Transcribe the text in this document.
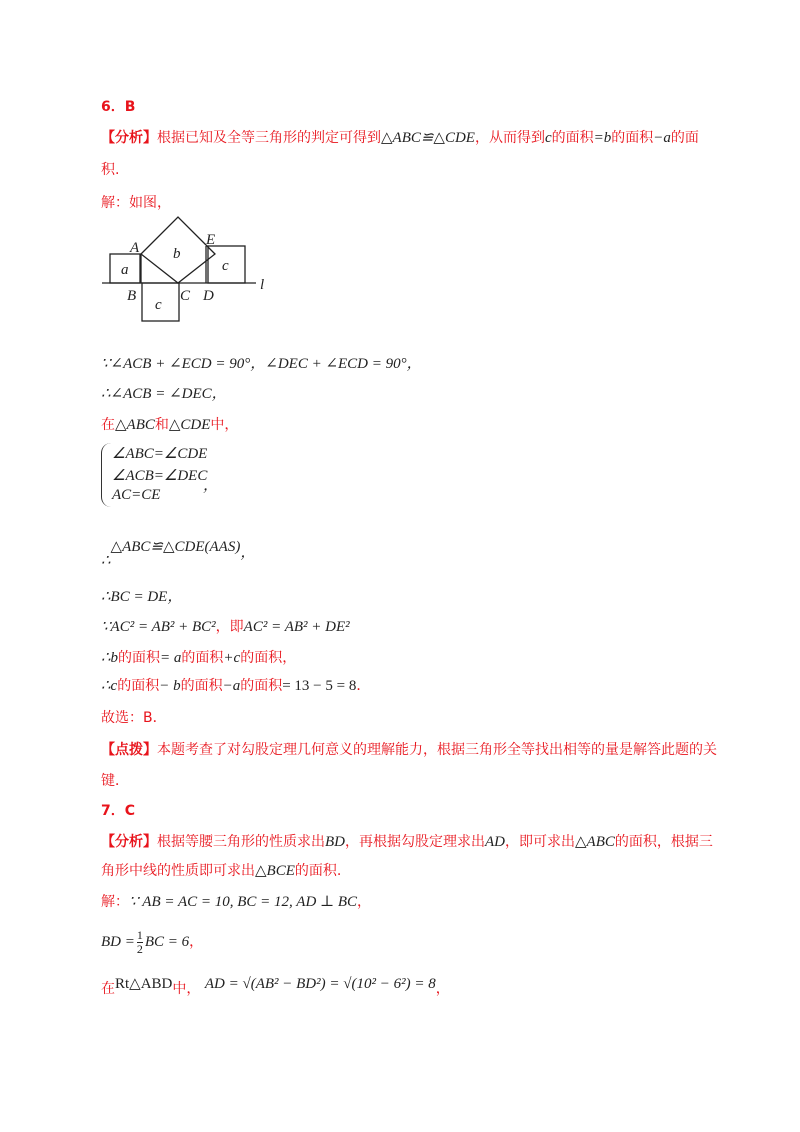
6．B
【分析】根据已知及全等三角形的判定可得到△ABC≌△CDE，从而得到c的面积=b的面积−a的面
积.
解：如图，
A
B	C D
E
a
b
c
c
l
∵∠ACB + ∠ECD = 90°，∠DEC + ∠ECD = 90°，
∴∠ACB = ∠DEC，
在△ABC和△CDE中，
∠ABC=∠CDE
∠ACB=∠DEC
AC=CE
，
∴△ABC≌△CDE(AAS)，
∴BC = DE，
∵AC² = AB² + BC²，即AC² = AB² + DE²
∴b的面积= a的面积+c的面积，
∴c的面积− b的面积−a的面积= 13 − 5 = 8．
故选：B．
【点拨】本题考查了对勾股定理几何意义的理解能力，根据三角形全等找出相等的量是解答此题的关
键．
7．C
【分析】根据等腰三角形的性质求出BD，再根据勾股定理求出AD，即可求出△ABC的面积，根据三
角形中线的性质即可求出△BCE的面积.
解：∵ AB = AC = 10, BC = 12, AD ⊥ BC，
BD = $\frac{1}{2}$ BC = 6，
在Rt△ABD中， AD = √(AB² − BD²) = √(10² − 6²) = 8，
